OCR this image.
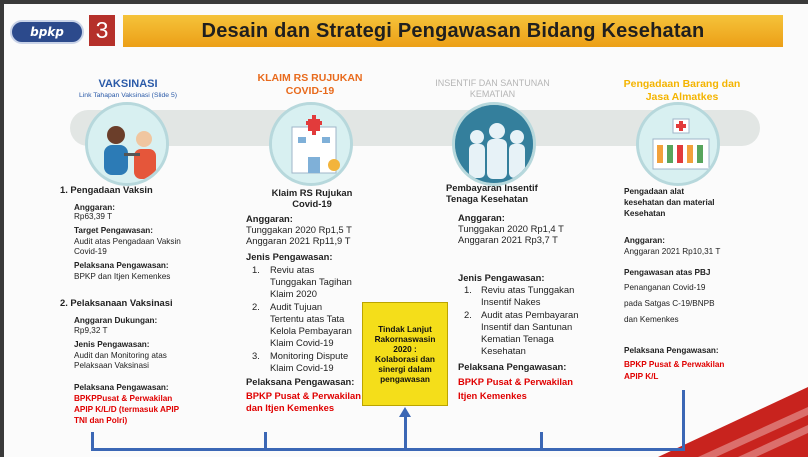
bpkp 3	Desain dan Strategi Pengawasan Bidang Kesehatan
VAKSINASI
Link Tahapan Vaksinasi (Slide 5)
KLAIM RS RUJUKAN
COVID-19
INSENTIF DAN SANTUNAN
KEMATIAN
Pengadaan Barang dan
Jasa Almatkes
1. Pengadaan Vaksin
Anggaran:
Rp63,39 T
Target Pengawasan:
Audit atas Pengadaan Vaksin
Covid-19
Pelaksana Pengawasan:
BPKP dan Itjen Kemenkes
2. Pelaksanaan Vaksinasi
Anggaran Dukungan:
Rp9,32 T
Jenis Pengawasan:
Audit dan Monitoring atas
Pelaksaan Vaksinasi
Pelaksana Pengawasan:
BPKPPusat & Perwakilan
APIP K/L/D (termasuk APIP
TNI dan Polri)
Klaim RS Rujukan
Covid-19
Anggaran:
Tunggakan 2020 Rp1,5 T
Anggaran 2021 Rp11,9 T
Jenis Pengawasan:
1. Reviu atas
Tunggakan Tagihan
Klaim 2020
2. Audit Tujuan
Tertentu atas Tata
Kelola Pembayaran
Klaim Covid-19
3. Monitoring Dispute
Klaim Covid-19
Pelaksana Pengawasan:
BPKP Pusat & Perwakilan
dan Itjen Kemenkes
Tindak Lanjut
Rakornaswasin
2020 :
Kolaborasi dan
sinergi dalam
pengawasan
Pembayaran Insentif
Tenaga Kesehatan
Anggaran:
Tunggakan 2020 Rp1,4 T
Anggaran 2021 Rp3,7 T
Jenis Pengawasan:
1. Reviu atas Tunggakan
Insentif Nakes
2. Audit atas Pembayaran
Insentif dan Santunan
Kematian Tenaga
Kesehatan
Pelaksana Pengawasan:
BPKP Pusat & Perwakilan
Itjen Kemenkes
Pengadaan alat
kesehatan dan material
Kesehatan
Anggaran:
Anggaran 2021 Rp10,31 T
Pengawasan atas PBJ
Penanganan Covid-19
pada Satgas C-19/BNPB
dan Kemenkes
Pelaksana Pengawasan:
BPKP Pusat & Perwakilan
APIP K/L
